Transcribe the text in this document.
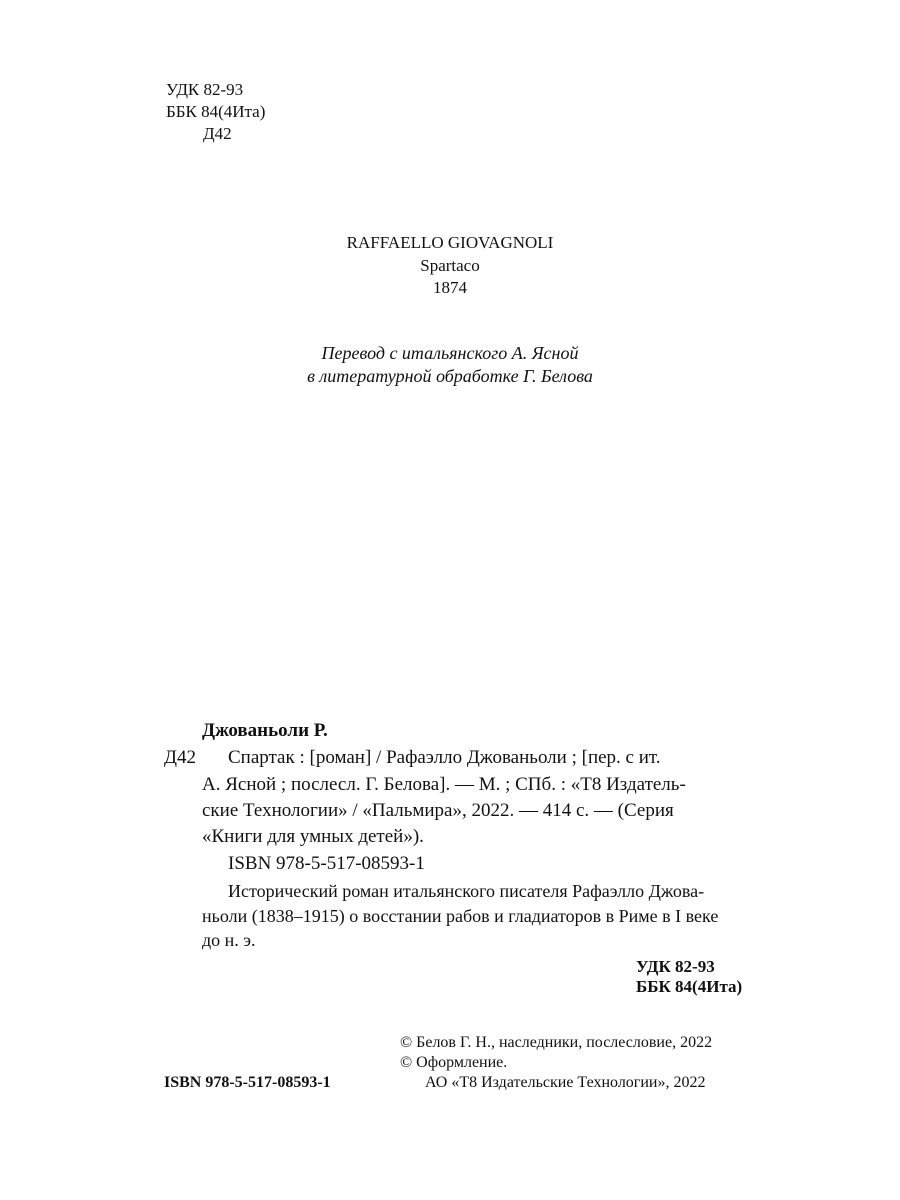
УДК 82-93
ББК 84(4Ита)
Д42
RAFFAELLO GIOVAGNOLI
Spartaco
1874
Перевод с итальянского А. Ясной
в литературной обработке Г. Белова
Джованьоли Р.
Д42 Спартак : [роман] / Рафаэлло Джованьоли ; [пер. с ит.
А. Ясной ; послесл. Г. Белова]. — М. ; СПб. : «Т8 Издатель-
ские Технологии» / «Пальмира», 2022. — 414 с. — (Серия
«Книги для умных детей»).
ISBN 978-5-517-08593-1
Исторический роман итальянского писателя Рафаэлло Джова-
ньоли (1838–1915) о восстании рабов и гладиаторов в Риме в I веке
до н. э.
УДК 82-93
ББК 84(4Ита)
ISBN 978-5-517-08593-1
© Белов Г. Н., наследники, послесловие, 2022
© Оформление.
АО «Т8 Издательские Технологии», 2022
